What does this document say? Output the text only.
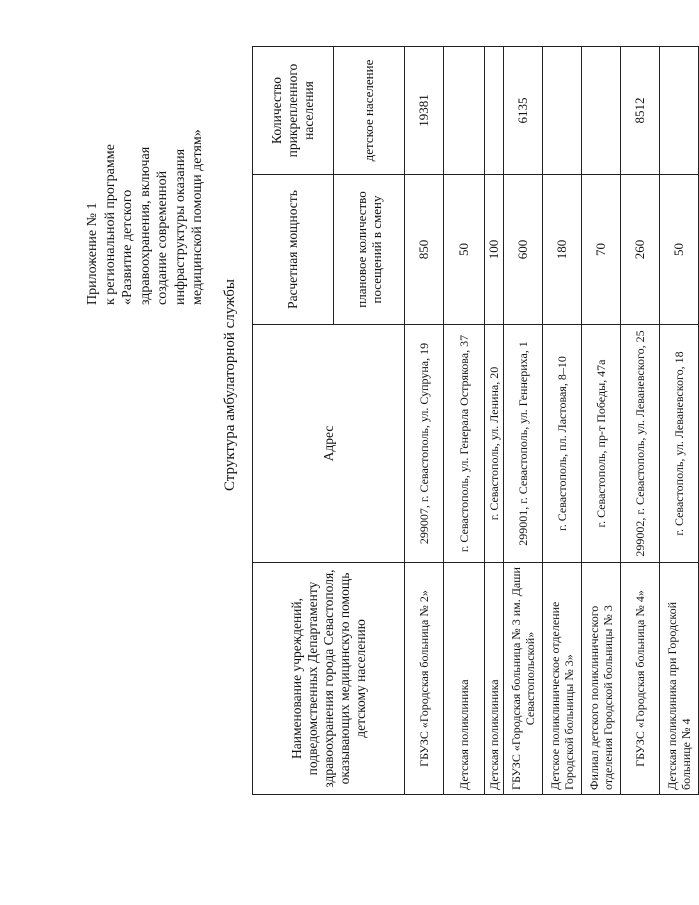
Приложение № 1 к региональной программе «Развитие детского здравоохранения, включая создание современной инфраструктуры оказания медицинской помощи детям»
Структура амбулаторной службы
Наименование учреждений, подведомственных Департаменту здравоохранения города Севастополя, оказывающих медицинскую помощь детскому населению	Адрес	Расчетная мощность	Количество прикрепленного населения
		плановое количество посещений в смену	детское население
ГБУЗС «Городская больница № 2»	299007, г. Севастополь, ул. Супруна, 19	850	19381
Детская поликлиника	г. Севастополь, ул. Генерала Острякова, 37	50	
Детская поликлиника	г. Севастополь, ул. Ленина, 20	100	
ГБУЗС «Городская больница № 3 им. Даши Севастопольской»	299001, г. Севастополь, ул. Геннериха, 1	600	6135
Детское поликлиническое отделение Городской больницы № 3»	г. Севастополь, пл. Ластовая, 8–10	180	
Филиал детского поликлинического отделения Городской больницы № 3	г. Севастополь, пр-т Победы, 47а	70	
ГБУЗС «Городская больница № 4»	299002, г. Севастополь, ул. Леваневского, 25	260	8512
Детская поликлиника при Городской больнице № 4	г. Севастополь, ул. Леваневского, 18	50	
